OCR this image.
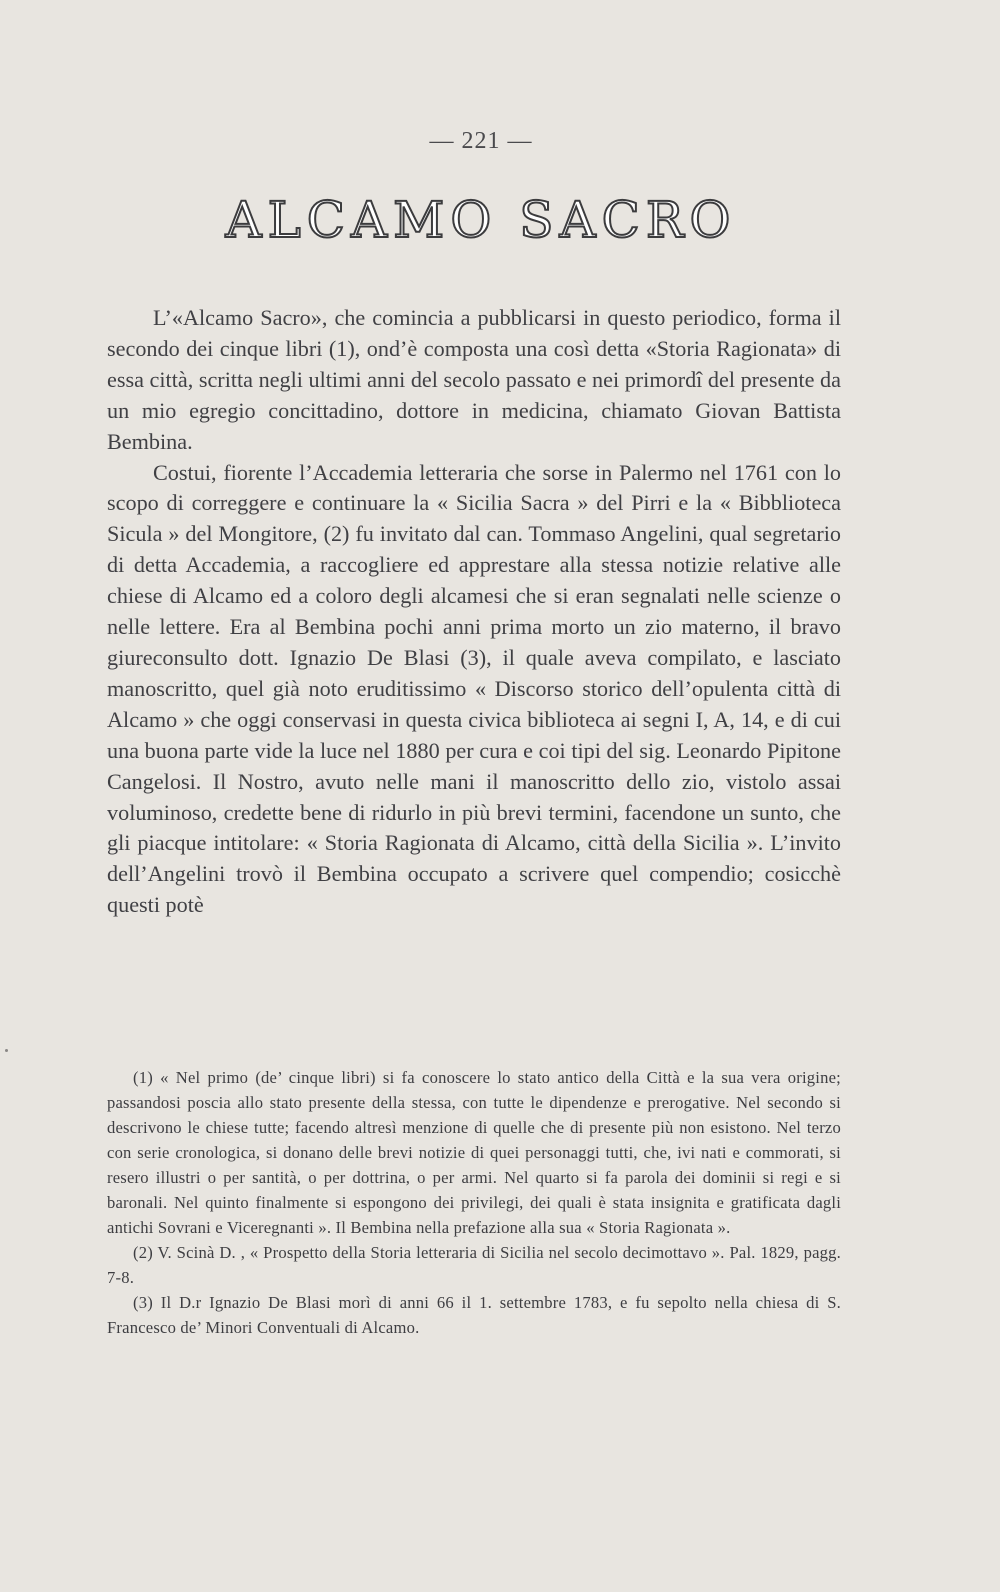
— 221 —
ALCAMO SACRO

L’«Alcamo Sacro», che comincia a pubblicarsi in questo periodico, forma il secondo dei cinque libri (1), ond’è composta una così detta «Storia Ragionata» di essa città, scritta negli ultimi anni del secolo passato e nei primordî del presente da un mio egregio concittadino, dottore in medicina, chiamato Giovan Battista Bembina.

Costui, fiorente l’Accademia letteraria che sorse in Palermo nel 1761 con lo scopo di correggere e continuare la « Sicilia Sacra » del Pirri e la « Bibblioteca Sicula » del Mongitore, (2) fu invitato dal can. Tommaso Angelini, qual segretario di detta Accademia, a raccogliere ed apprestare alla stessa notizie relative alle chiese di Alcamo ed a coloro degli alcamesi che si eran segnalati nelle scienze o nelle lettere. Era al Bembina pochi anni prima morto un zio materno, il bravo giureconsulto dott. Ignazio De Blasi (3), il quale aveva compilato, e lasciato manoscritto, quel già noto eruditissimo « Discorso storico dell’opulenta città di Alcamo » che oggi conservasi in questa civica biblioteca ai segni I, A, 14, e di cui una buona parte vide la luce nel 1880 per cura e coi tipi del sig. Leonardo Pipitone Cangelosi. Il Nostro, avuto nelle mani il manoscritto dello zio, vistolo assai voluminoso, credette bene di ridurlo in più brevi termini, facendone un sunto, che gli piacque intitolare: « Storia Ragionata di Alcamo, città della Sicilia ». L’invito dell’Angelini trovò il Bembina occupato a scrivere quel compendio; cosicchè questi potè

(1) « Nel primo (de’ cinque libri) si fa conoscere lo stato antico della Città e la sua vera origine; passandosi poscia allo stato presente della stessa, con tutte le dipendenze e prerogative. Nel secondo si descrivono le chiese tutte; facendo altresì menzione di quelle che di presente più non esistono. Nel terzo con serie cronologica, si donano delle brevi notizie di quei personaggi tutti, che, ivi nati e commorati, si resero illustri o per santità, o per dottrina, o per armi. Nel quarto si fa parola dei dominii si regi e si baronali. Nel quinto finalmente si espongono dei privilegi, dei quali è stata insignita e gratificata dagli antichi Sovrani e Viceregnanti ». Il Bembina nella prefazione alla sua « Storia Ragionata ».

(2) V. Scinà D. , « Prospetto della Storia letteraria di Sicilia nel secolo decimottavo ». Pal. 1829, pagg. 7-8.

(3) Il D.r Ignazio De Blasi morì di anni 66 il 1. settembre 1783, e fu sepolto nella chiesa di S. Francesco de’ Minori Conventuali di Alcamo.
